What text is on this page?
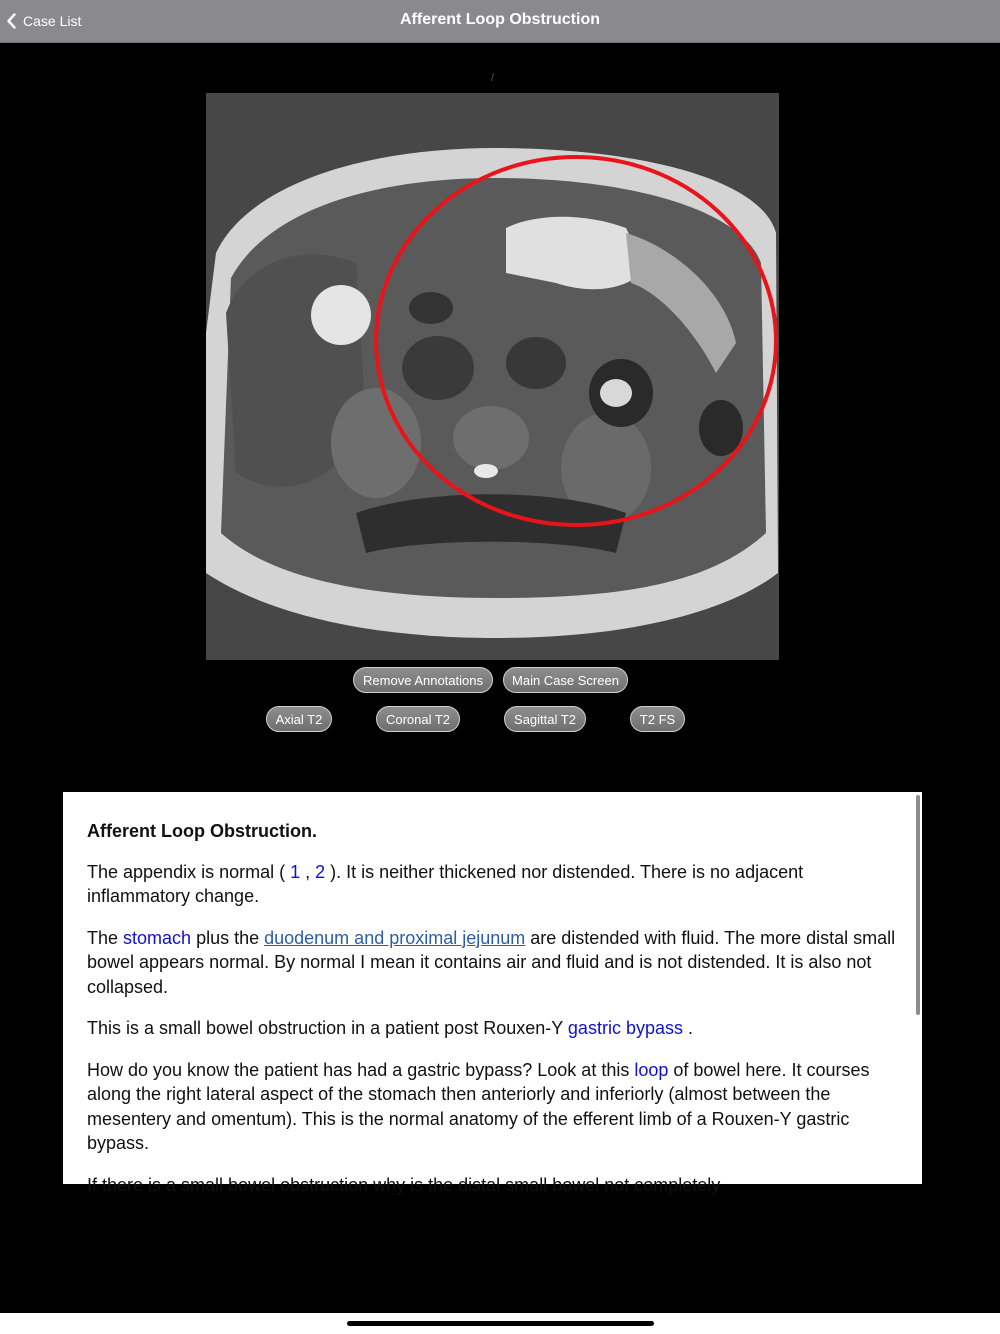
Case List	Afferent Loop Obstruction
/
Remove Annotations	Main Case Screen
Axial T2	Coronal T2	Sagittal T2	T2 FS

Afferent Loop Obstruction.

The appendix is normal ( 1 , 2 ). It is neither thickened nor distended. There is no adjacent inflammatory change.

The stomach plus the duodenum and proximal jejunum are distended with fluid. The more distal small bowel appears normal. By normal I mean it contains air and fluid and is not distended. It is also not collapsed.

This is a small bowel obstruction in a patient post Rouxen-Y gastric bypass .

How do you know the patient has had a gastric bypass? Look at this loop of bowel here. It courses along the right lateral aspect of the stomach then anteriorly and inferiorly (almost between the mesentery and omentum). This is the normal anatomy of the efferent limb of a Rouxen-Y gastric bypass.

If there is a small bowel obstruction why is the distal small bowel not completely
